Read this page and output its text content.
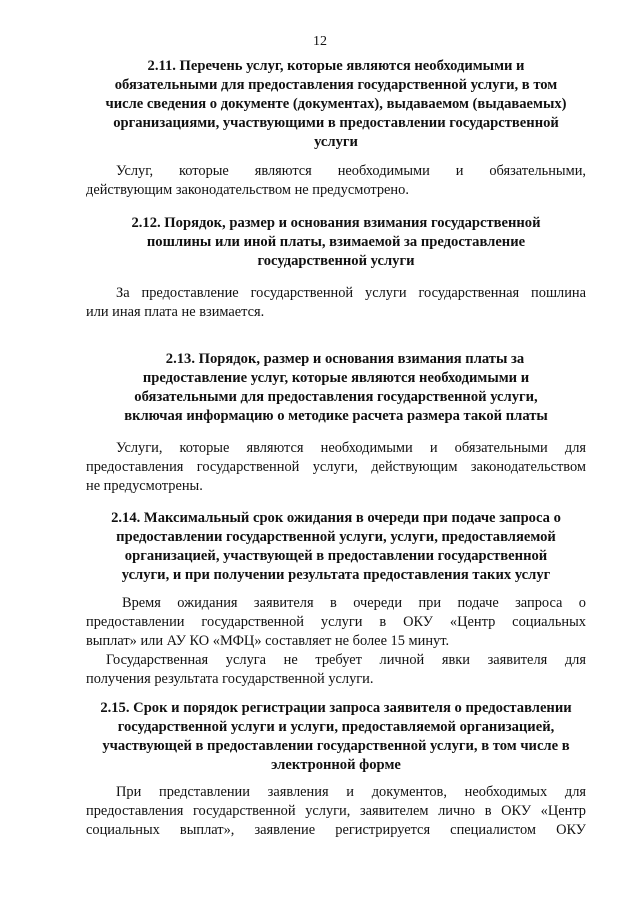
12
2.11. Перечень услуг, которые являются необходимыми и
обязательными для предоставления государственной услуги, в том
числе сведения о документе (документах), выдаваемом (выдаваемых)
организациями, участвующими в предоставлении государственной
услуги
Услуг, которые являются необходимыми и обязательными,
действующим законодательством не предусмотрено.
2.12. Порядок, размер и основания взимания государственной
пошлины или иной платы, взимаемой за предоставление
государственной услуги
За предоставление государственной услуги государственная пошлина
или иная плата не взимается.
2.13. Порядок, размер и основания взимания платы за
предоставление услуг, которые являются необходимыми и
обязательными для предоставления государственной услуги,
включая информацию о методике расчета размера такой платы
Услуги, которые являются необходимыми и обязательными для
предоставления государственной услуги, действующим законодательством
не предусмотрены.
2.14. Максимальный срок ожидания в очереди при подаче запроса о
предоставлении государственной услуги, услуги, предоставляемой
организацией, участвующей в предоставлении государственной
услуги, и при получении результата предоставления таких услуг
Время ожидания заявителя в очереди при подаче запроса о
предоставлении государственной услуги в ОКУ «Центр социальных
выплат» или АУ КО «МФЦ» составляет не более 15 минут.
Государственная услуга не требует личной явки заявителя для
получения результата государственной услуги.
2.15. Срок и порядок регистрации запроса заявителя о предоставлении
государственной услуги и услуги, предоставляемой организацией,
участвующей в предоставлении государственной услуги, в том числе в
электронной форме
При представлении заявления и документов, необходимых для
предоставления государственной услуги, заявителем лично в ОКУ «Центр
социальных выплат», заявление регистрируется специалистом ОКУ
